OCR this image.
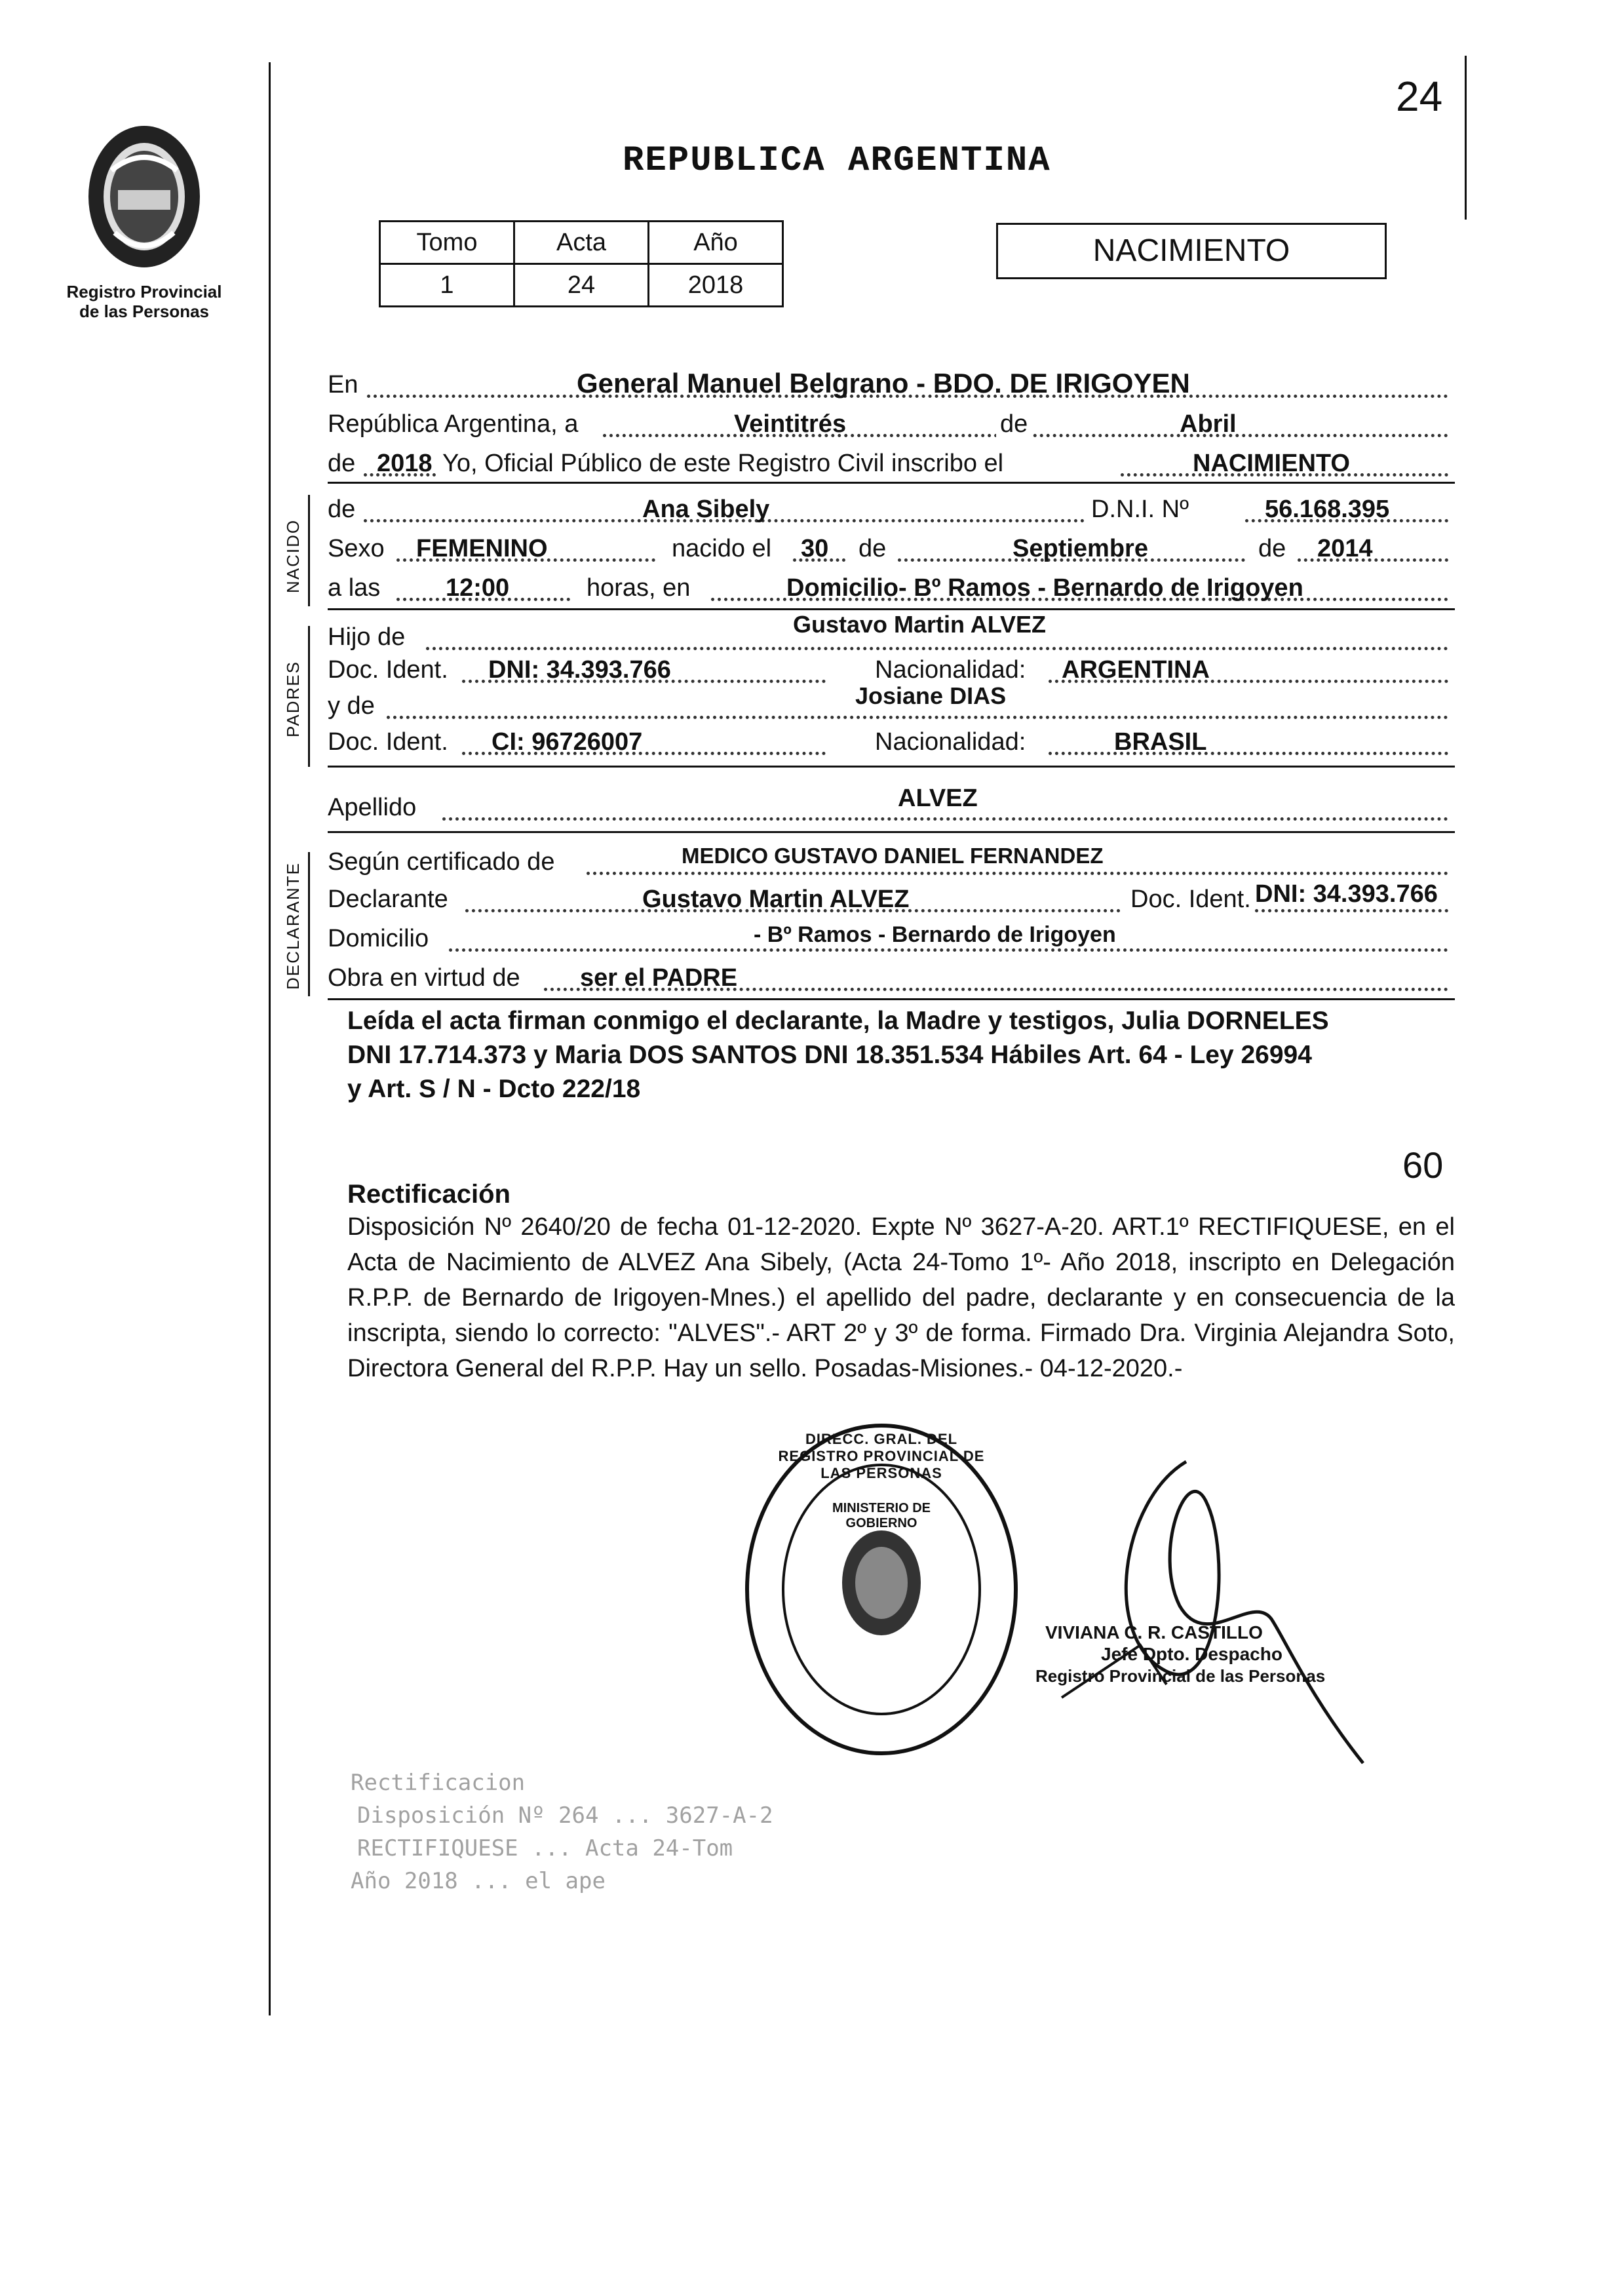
24
Registro Provincial
de las Personas
REPUBLICA ARGENTINA
Tomo	Acta	Año
1	24	2018
NACIMIENTO
En	General Manuel Belgrano - BDO. DE IRIGOYEN
República Argentina, a	Veintitrés	de	Abril
de 2018 Yo, Oficial Público de este Registro Civil inscribo el	NACIMIENTO
NACIDO
de	Ana Sibely	D.N.I. Nº	56.168.395
Sexo FEMENINO	nacido el 30 de	Septiembre	de 2014
a las	12:00	horas, en	Domicilio- Bº Ramos - Bernardo de Irigoyen
PADRES
Hijo de	Gustavo Martin ALVEZ
Doc. Ident. DNI: 34.393.766	Nacionalidad: ARGENTINA
y de	Josiane DIAS
Doc. Ident. CI: 96726007	Nacionalidad:	BRASIL
Apellido	ALVEZ
DECLARANTE
Según certificado de	MEDICO GUSTAVO DANIEL FERNANDEZ
Declarante	Gustavo Martin ALVEZ	Doc. Ident. DNI: 34.393.766
Domicilio	- Bº Ramos - Bernardo de Irigoyen
Obra en virtud de ser el PADRE
Leída el acta firman conmigo el declarante, la Madre y testigos, Julia DORNELES
DNI 17.714.373 y Maria DOS SANTOS DNI 18.351.534 Hábiles Art. 64 - Ley 26994
y Art. S / N - Dcto 222/18
60
Rectificación
Disposición Nº 2640/20 de fecha 01-12-2020. Expte Nº 3627-A-20. ART.1º RECTIFIQUESE, en el Acta de Nacimiento de ALVEZ Ana Sibely, (Acta 24-Tomo 1º- Año 2018, inscripto en Delegación R.P.P. de Bernardo de Irigoyen-Mnes.) el apellido del padre, declarante y en consecuencia de la inscripta, siendo lo correcto: "ALVES".- ART 2º y 3º de forma. Firmado Dra. Virginia Alejandra Soto, Directora General del R.P.P. Hay un sello. Posadas-Misiones.- 04-12-2020.-
Rectificacion
Disposición Nº 264 ... 3627-A-2
RECTIFIQUESE ... Acta 24-Tom
Año 2018 ... el ape
DIRECC. GRAL. DEL REGISTRO PROVINCIAL DE LAS PERSONAS
MINISTERIO DE GOBIERNO
VIVIANA C. R. CASTILLO
Jefe Dpto. Despacho
Registro Provincial de las Personas
